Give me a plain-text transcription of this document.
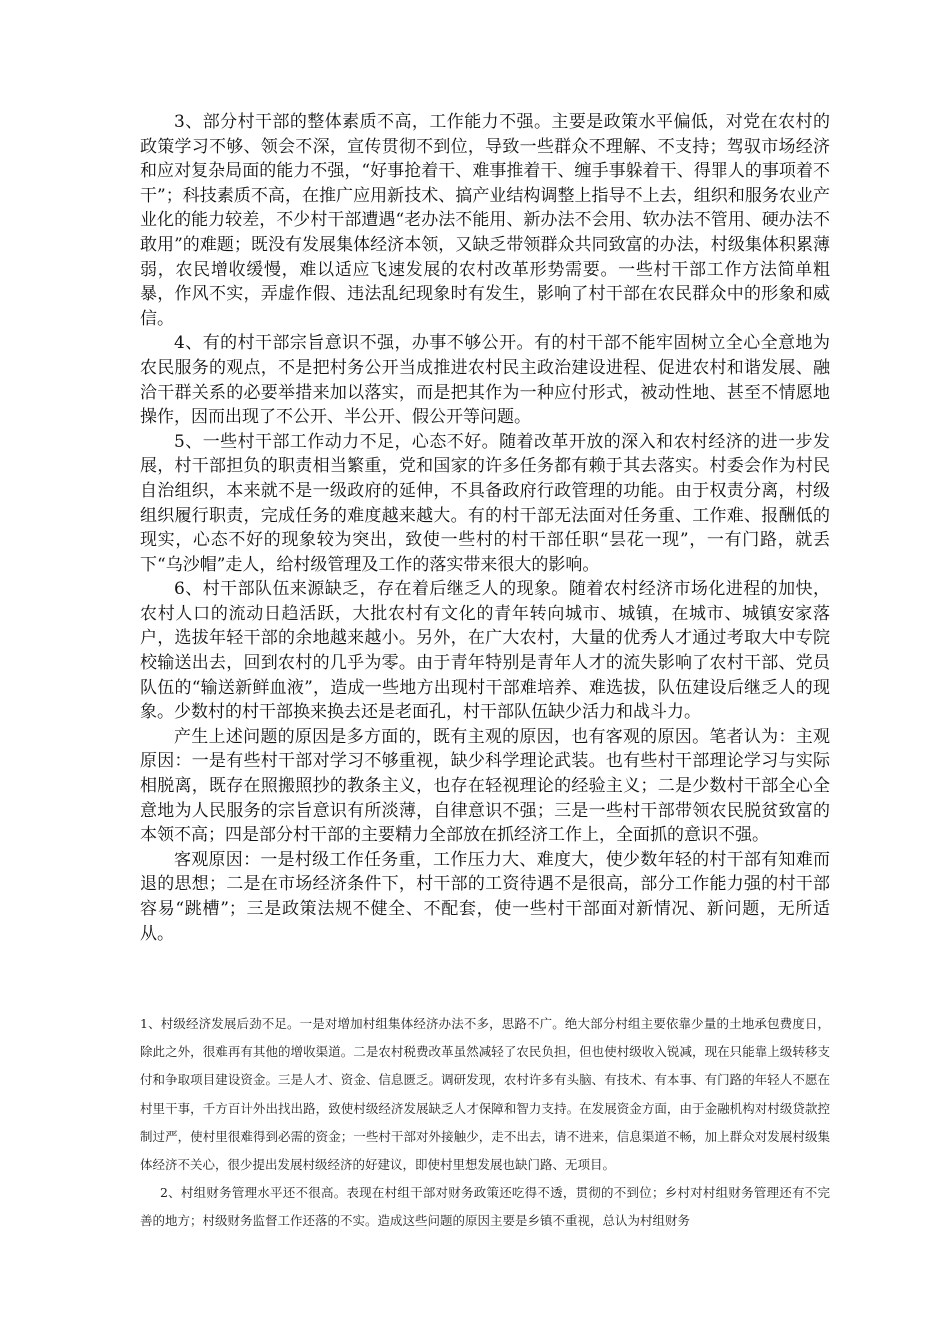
3、部分村干部的整体素质不高，工作能力不强。主要是政策水平偏低，对党在农村的政策学习不够、领会不深，宣传贯彻不到位，导致一些群众不理解、不支持；驾驭市场经济和应对复杂局面的能力不强，“好事抢着干、难事推着干、缠手事躲着干、得罪人的事项着不干”；科技素质不高，在推广应用新技术、搞产业结构调整上指导不上去，组织和服务农业产业化的能力较差，不少村干部遭遇“老办法不能用、新办法不会用、软办法不管用、硬办法不敢用”的难题；既没有发展集体经济本领，又缺乏带领群众共同致富的办法，村级集体积累薄弱，农民增收缓慢，难以适应飞速发展的农村改革形势需要。一些村干部工作方法简单粗暴，作风不实，弄虚作假、违法乱纪现象时有发生，影响了村干部在农民群众中的形象和威信。

4、有的村干部宗旨意识不强，办事不够公开。有的村干部不能牢固树立全心全意地为农民服务的观点，不是把村务公开当成推进农村民主政治建设进程、促进农村和谐发展、融洽干群关系的必要举措来加以落实，而是把其作为一种应付形式，被动性地、甚至不情愿地操作，因而出现了不公开、半公开、假公开等问题。

5、一些村干部工作动力不足，心态不好。随着改革开放的深入和农村经济的进一步发展，村干部担负的职责相当繁重，党和国家的许多任务都有赖于其去落实。村委会作为村民自治组织，本来就不是一级政府的延伸，不具备政府行政管理的功能。由于权责分离，村级组织履行职责，完成任务的难度越来越大。有的村干部无法面对任务重、工作难、报酬低的现实，心态不好的现象较为突出，致使一些村的村干部任职“昙花一现”，一有门路，就丢下“乌沙帽”走人，给村级管理及工作的落实带来很大的影响。

6、村干部队伍来源缺乏，存在着后继乏人的现象。随着农村经济市场化进程的加快，农村人口的流动日趋活跃，大批农村有文化的青年转向城市、城镇，在城市、城镇安家落户，选拔年轻干部的余地越来越小。另外，在广大农村，大量的优秀人才通过考取大中专院校输送出去，回到农村的几乎为零。由于青年特别是青年人才的流失影响了农村干部、党员队伍的“输送新鲜血液”，造成一些地方出现村干部难培养、难选拔，队伍建设后继乏人的现象。少数村的村干部换来换去还是老面孔，村干部队伍缺少活力和战斗力。

产生上述问题的原因是多方面的，既有主观的原因，也有客观的原因。笔者认为：主观原因：一是有些村干部对学习不够重视，缺少科学理论武装。也有些村干部理论学习与实际相脱离，既存在照搬照抄的教条主义，也存在轻视理论的经验主义；二是少数村干部全心全意地为人民服务的宗旨意识有所淡薄，自律意识不强；三是一些村干部带领农民脱贫致富的本领不高；四是部分村干部的主要精力全部放在抓经济工作上，全面抓的意识不强。

客观原因：一是村级工作任务重，工作压力大、难度大，使少数年轻的村干部有知难而退的思想；二是在市场经济条件下，村干部的工资待遇不是很高，部分工作能力强的村干部容易“跳槽”；三是政策法规不健全、不配套，使一些村干部面对新情况、新问题，无所适从。

1、村级经济发展后劲不足。一是对增加村组集体经济办法不多，思路不广。绝大部分村组主要依靠少量的土地承包费度日，除此之外，很难再有其他的增收渠道。二是农村税费改革虽然减轻了农民负担，但也使村级收入锐减，现在只能靠上级转移支付和争取项目建设资金。三是人才、资金、信息匮乏。调研发现，农村许多有头脑、有技术、有本事、有门路的年轻人不愿在村里干事，千方百计外出找出路，致使村级经济发展缺乏人才保障和智力支持。在发展资金方面，由于金融机构对村级贷款控制过严，使村里很难得到必需的资金；一些村干部对外接触少，走不出去，请不进来，信息渠道不畅，加上群众对发展村级集体经济不关心，很少提出发展村级经济的好建议，即使村里想发展也缺门路、无项目。

2、村组财务管理水平还不很高。表现在村组干部对财务政策还吃得不透，贯彻的不到位；乡村对村组财务管理还有不完善的地方；村级财务监督工作还落的不实。造成这些问题的原因主要是乡镇不重视，总认为村组财务
